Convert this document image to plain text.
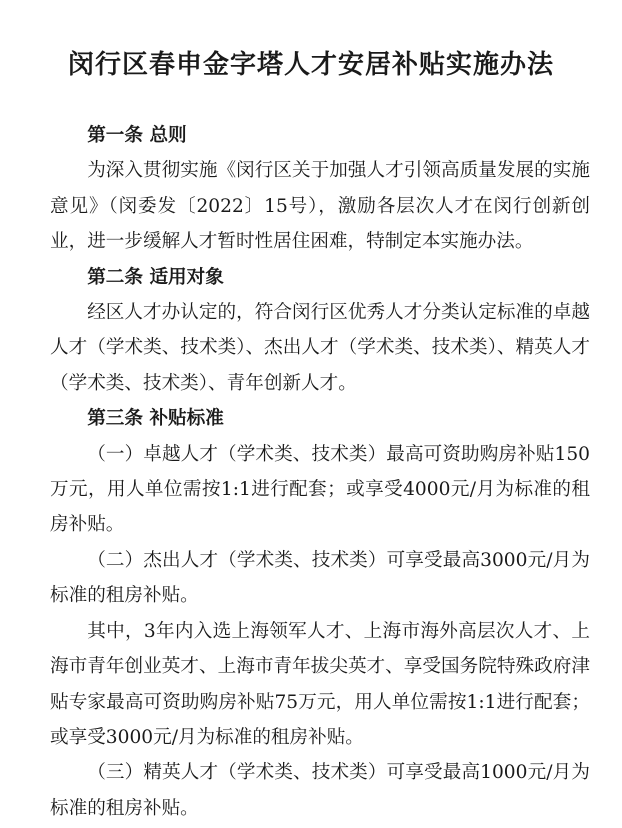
闵行区春申金字塔人才安居补贴实施办法

第一条 总则

为深入贯彻实施《闵行区关于加强人才引领高质量发展的实施意见》（闵委发〔2022〕15号），激励各层次人才在闵行创新创业，进一步缓解人才暂时性居住困难，特制定本实施办法。

第二条 适用对象

经区人才办认定的，符合闵行区优秀人才分类认定标准的卓越人才（学术类、技术类）、杰出人才（学术类、技术类）、精英人才（学术类、技术类）、青年创新人才。

第三条 补贴标准

（一）卓越人才（学术类、技术类）最高可资助购房补贴150万元，用人单位需按1:1进行配套；或享受4000元/月为标准的租房补贴。

（二）杰出人才（学术类、技术类）可享受最高3000元/月为标准的租房补贴。

其中，3年内入选上海领军人才、上海市海外高层次人才、上海市青年创业英才、上海市青年拔尖英才、享受国务院特殊政府津贴专家最高可资助购房补贴75万元，用人单位需按1:1进行配套；或享受3000元/月为标准的租房补贴。

（三）精英人才（学术类、技术类）可享受最高1000元/月为标准的租房补贴。
